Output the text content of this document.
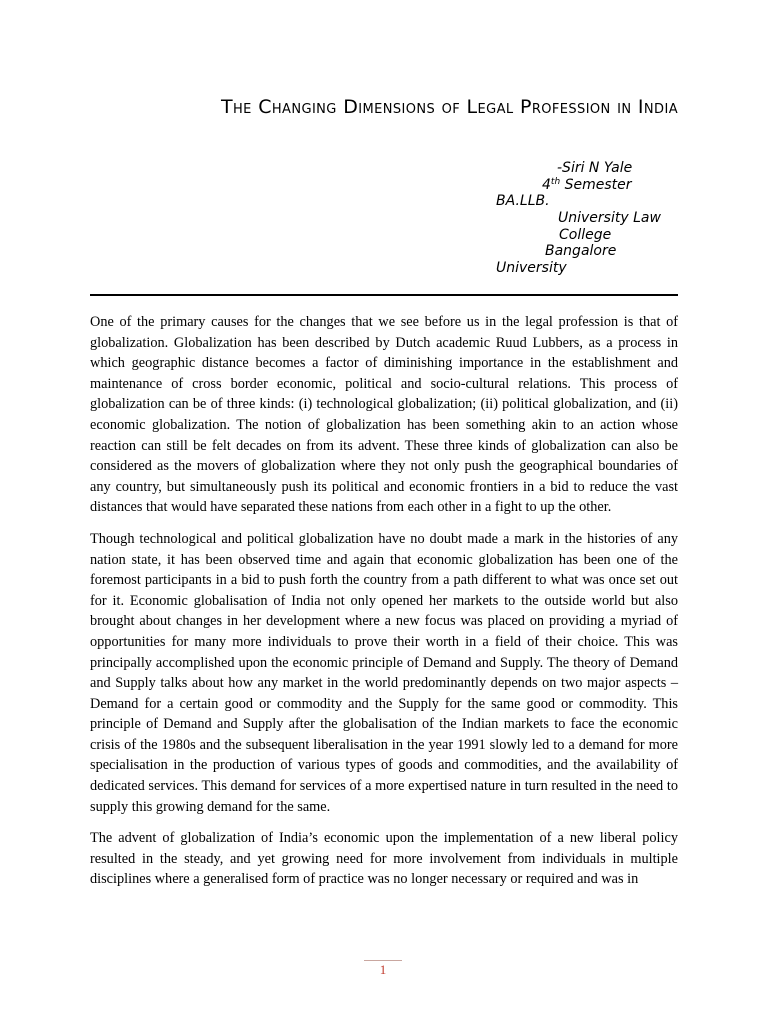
The Changing Dimensions of Legal Profession in India
-Siri N Yale
4th Semester
BA.LLB.
University Law
College
Bangalore
University

One of the primary causes for the changes that we see before us in the legal profession is that of globalization. Globalization has been described by Dutch academic Ruud Lubbers, as a process in which geographic distance becomes a factor of diminishing importance in the establishment and maintenance of cross border economic, political and socio-cultural relations. This process of globalization can be of three kinds: (i) technological globalization; (ii) political globalization, and (ii) economic globalization. The notion of globalization has been something akin to an action whose reaction can still be felt decades on from its advent. These three kinds of globalization can also be considered as the movers of globalization where they not only push the geographical boundaries of any country, but simultaneously push its political and economic frontiers in a bid to reduce the vast distances that would have separated these nations from each other in a fight to up the other.

Though technological and political globalization have no doubt made a mark in the histories of any nation state, it has been observed time and again that economic globalization has been one of the foremost participants in a bid to push forth the country from a path different to what was once set out for it. Economic globalisation of India not only opened her markets to the outside world but also brought about changes in her development where a new focus was placed on providing a myriad of opportunities for many more individuals to prove their worth in a field of their choice. This was principally accomplished upon the economic principle of Demand and Supply. The theory of Demand and Supply talks about how any market in the world predominantly depends on two major aspects – Demand for a certain good or commodity and the Supply for the same good or commodity. This principle of Demand and Supply after the globalisation of the Indian markets to face the economic crisis of the 1980s and the subsequent liberalisation in the year 1991 slowly led to a demand for more specialisation in the production of various types of goods and commodities, and the availability of dedicated services. This demand for services of a more expertised nature in turn resulted in the need to supply this growing demand for the same.

The advent of globalization of India’s economic upon the implementation of a new liberal policy resulted in the steady, and yet growing need for more involvement from individuals in multiple disciplines where a generalised form of practice was no longer necessary or required and was in

1
